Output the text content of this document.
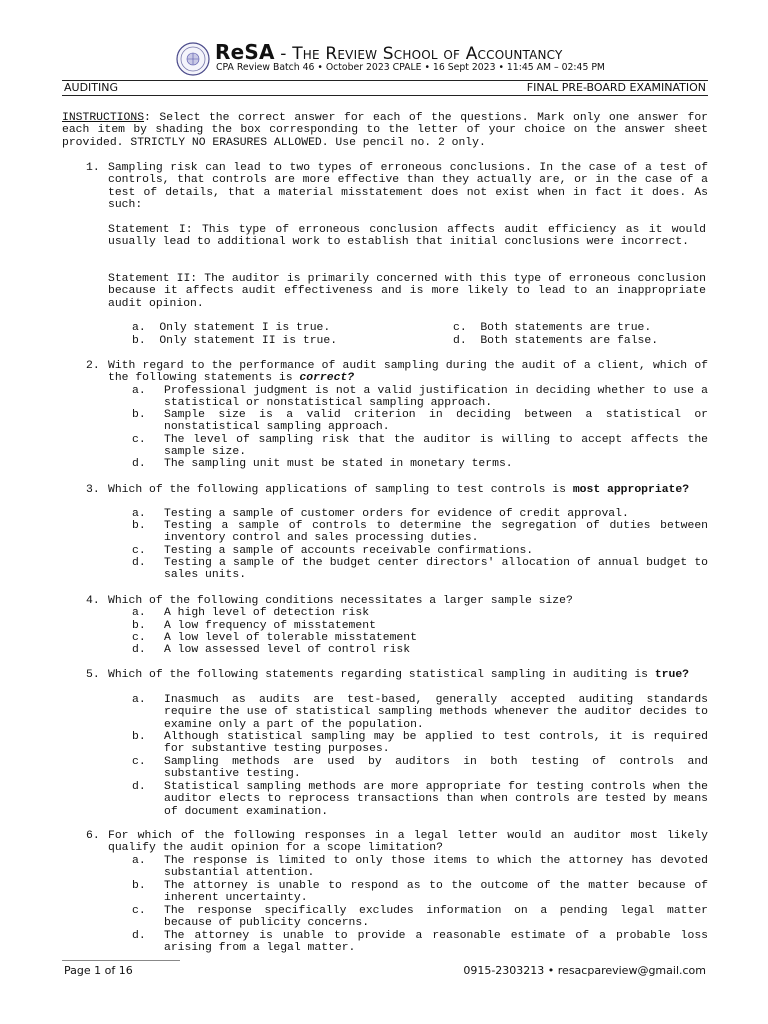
ReSA - The Review School of Accountancy
CPA Review Batch 46 • October 2023 CPALE • 16 Sept 2023 • 11:45 AM – 02:45 PM
AUDITING	FINAL PRE-BOARD EXAMINATION
INSTRUCTIONS: Select the correct answer for each of the questions. Mark only one answer for each item by shading the box corresponding to the letter of your choice on the answer sheet provided. STRICTLY NO ERASURES ALLOWED. Use pencil no. 2 only.
1. Sampling risk can lead to two types of erroneous conclusions. In the case of a test of controls, that controls are more effective than they actually are, or in the case of a test of details, that a material misstatement does not exist when in fact it does. As such:
Statement I: This type of erroneous conclusion affects audit efficiency as it would usually lead to additional work to establish that initial conclusions were incorrect.
Statement II: The auditor is primarily concerned with this type of erroneous conclusion because it affects audit effectiveness and is more likely to lead to an inappropriate audit opinion.
a.  Only statement I is true.
b.  Only statement II is true.
c.  Both statements are true.
d.  Both statements are false.
2. With regard to the performance of audit sampling during the audit of a client, which of the following statements is correct?
a. Professional judgment is not a valid justification in deciding whether to use a statistical or nonstatistical sampling approach.
b. Sample size is a valid criterion in deciding between a statistical or nonstatistical sampling approach.
c. The level of sampling risk that the auditor is willing to accept affects the sample size.
d. The sampling unit must be stated in monetary terms.
3. Which of the following applications of sampling to test controls is most appropriate?
a. Testing a sample of customer orders for evidence of credit approval.
b. Testing a sample of controls to determine the segregation of duties between inventory control and sales processing duties.
c. Testing a sample of accounts receivable confirmations.
d. Testing a sample of the budget center directors' allocation of annual budget to sales units.
4. Which of the following conditions necessitates a larger sample size?
a. A high level of detection risk
b. A low frequency of misstatement
c. A low level of tolerable misstatement
d. A low assessed level of control risk
5. Which of the following statements regarding statistical sampling in auditing is true?
a. Inasmuch as audits are test-based, generally accepted auditing standards require the use of statistical sampling methods whenever the auditor decides to examine only a part of the population.
b. Although statistical sampling may be applied to test controls, it is required for substantive testing purposes.
c. Sampling methods are used by auditors in both testing of controls and substantive testing.
d. Statistical sampling methods are more appropriate for testing controls when the auditor elects to reprocess transactions than when controls are tested by means of document examination.
6. For which of the following responses in a legal letter would an auditor most likely qualify the audit opinion for a scope limitation?
a. The response is limited to only those items to which the attorney has devoted substantial attention.
b. The attorney is unable to respond as to the outcome of the matter because of inherent uncertainty.
c. The response specifically excludes information on a pending legal matter because of publicity concerns.
d. The attorney is unable to provide a reasonable estimate of a probable loss arising from a legal matter.
Page 1 of 16	0915-2303213 • resacpareview@gmail.com
